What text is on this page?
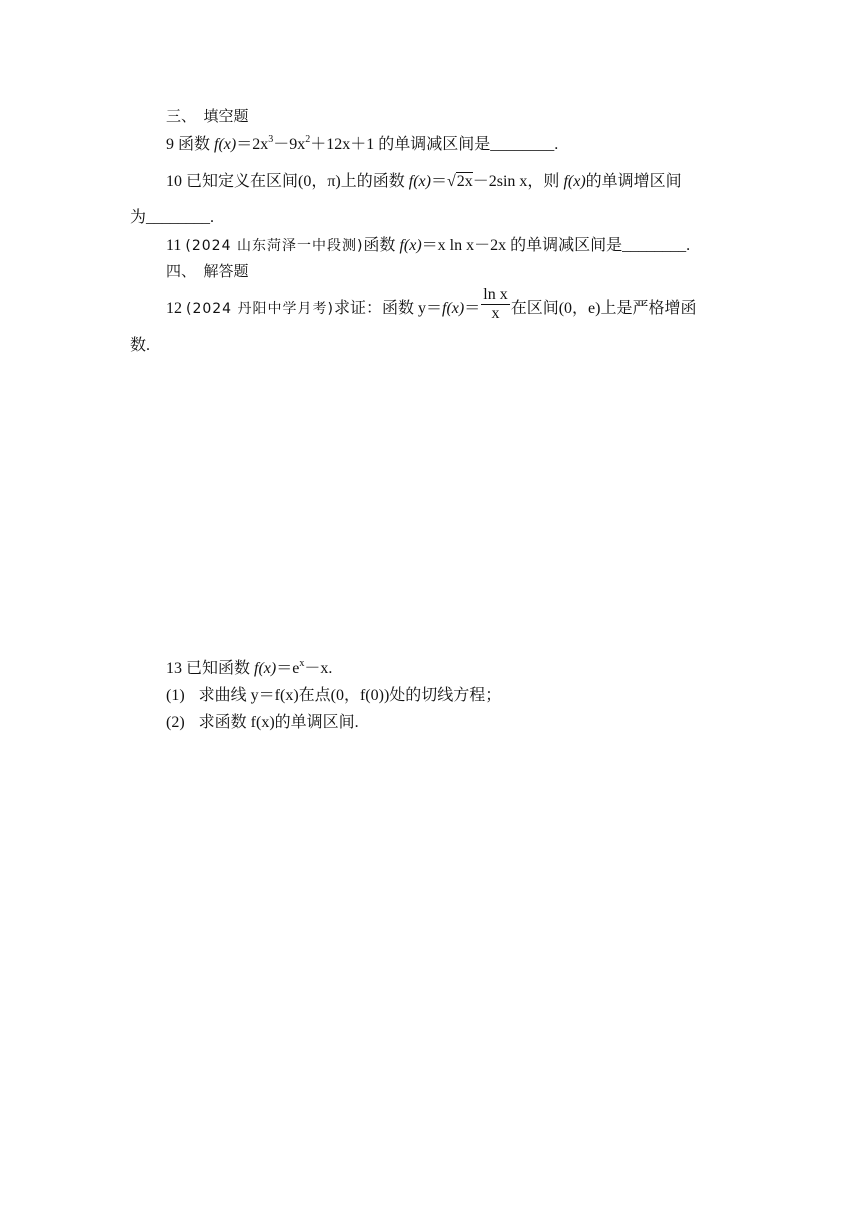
三、　填空题
9 函数 $f(x)=2x^3-9x^2+12x+1$ 的单调减区间是________.
10 已知定义在区间(0，π)上的函数 f(x)＝√2x－2sin x，则 f(x)的单调增区间
为________.
11 (2024 山东菏泽一中段测)函数 f(x)＝x ln x－2x 的单调减区间是________.
四、　解答题
12 (2024 丹阳中学月考)求证：函数 $y=f(x)= \frac{\text{ln x}}{x}$ 在区间(0，e)上是严格增函
数.
13 已知函数 $f(x)=e^x-x$.
(1) 求曲线 y＝f(x)在点(0，f(0))处的切线方程；
(2) 求函数 f(x)的单调区间.
